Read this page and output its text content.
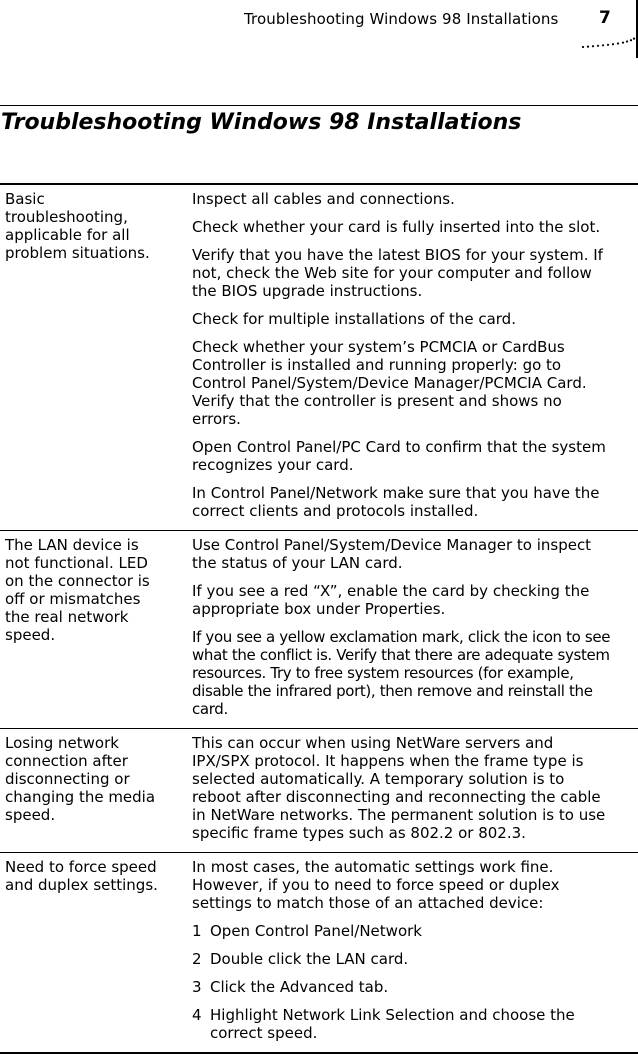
Troubleshooting Windows 98 Installations 7
Troubleshooting Windows 98 Installations
Basic troubleshooting, applicable for all problem situations.

Inspect all cables and connections.

Check whether your card is fully inserted into the slot.

Verify that you have the latest BIOS for your system. If not, check the Web site for your computer and follow the BIOS upgrade instructions.

Check for multiple installations of the card.

Check whether your system’s PCMCIA or CardBus Controller is installed and running properly: go to Control Panel/System/Device Manager/PCMCIA Card. Verify that the controller is present and shows no errors.

Open Control Panel/PC Card to confirm that the system recognizes your card.

In Control Panel/Network make sure that you have the correct clients and protocols installed.

The LAN device is not functional. LED on the connector is off or mismatches the real network speed.

Use Control Panel/System/Device Manager to inspect the status of your LAN card.

If you see a red “X”, enable the card by checking the appropriate box under Properties.

If you see a yellow exclamation mark, click the icon to see what the conflict is. Verify that there are adequate system resources. Try to free system resources (for example, disable the infrared port), then remove and reinstall the card.

Losing network connection after disconnecting or changing the media speed.

This can occur when using NetWare servers and IPX/SPX protocol. It happens when the frame type is selected automatically. A temporary solution is to reboot after disconnecting and reconnecting the cable in NetWare networks. The permanent solution is to use specific frame types such as 802.2 or 802.3.

Need to force speed and duplex settings.

In most cases, the automatic settings work fine. However, if you to need to force speed or duplex settings to match those of an attached device:

1 Open Control Panel/Network
2 Double click the LAN card.
3 Click the Advanced tab.
4 Highlight Network Link Selection and choose the correct speed.
